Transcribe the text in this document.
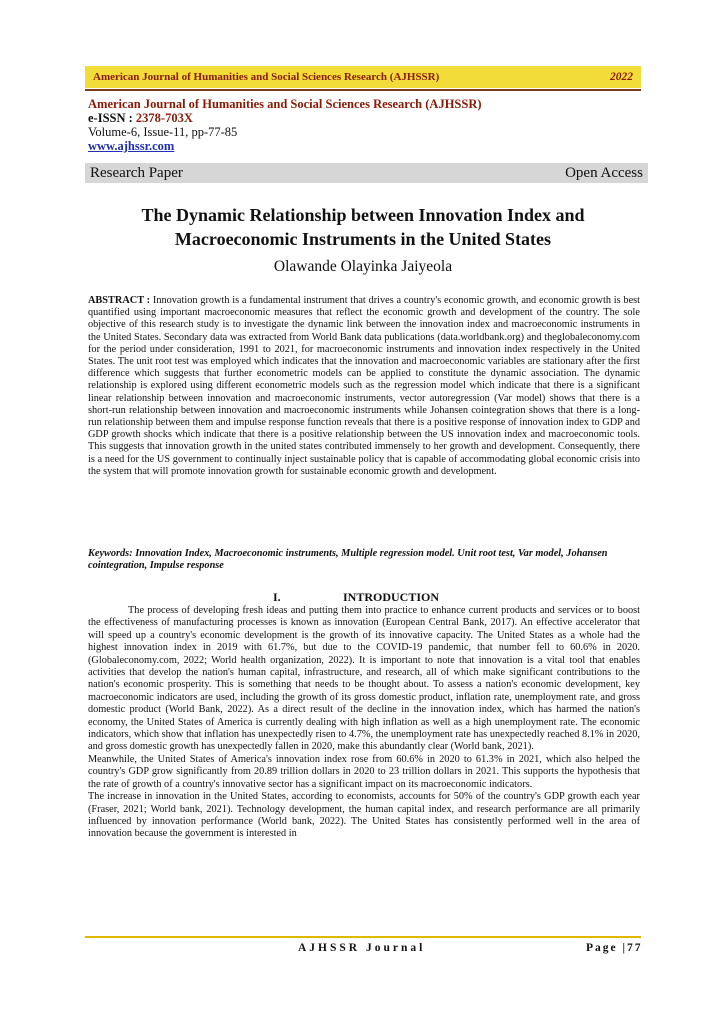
American Journal of Humanities and Social Sciences Research (AJHSSR)	2022
American Journal of Humanities and Social Sciences Research (AJHSSR)
e-ISSN : 2378-703X
Volume-6, Issue-11, pp-77-85
www.ajhssr.com
Research Paper	Open Access
The Dynamic Relationship between Innovation Index and
Macroeconomic Instruments in the United States
Olawande Olayinka Jaiyeola
ABSTRACT : Innovation growth is a fundamental instrument that drives a country's economic growth, and economic growth is best quantified using important macroeconomic measures that reflect the economic growth and development of the country. The sole objective of this research study is to investigate the dynamic link between the innovation index and macroeconomic instruments in the United States. Secondary data was extracted from World Bank data publications (data.worldbank.org) and theglobaleconomy.com for the period under consideration, 1991 to 2021, for macroeconomic instruments and innovation index respectively in the United States. The unit root test was employed which indicates that the innovation and macroeconomic variables are stationary after the first difference which suggests that further econometric models can be applied to constitute the dynamic association. The dynamic relationship is explored using different econometric models such as the regression model which indicate that there is a significant linear relationship between innovation and macroeconomic instruments, vector autoregression (Var model) shows that there is a short-run relationship between innovation and macroeconomic instruments while Johansen cointegration shows that there is a long-run relationship between them and impulse response function reveals that there is a positive response of innovation index to GDP and GDP growth shocks which indicate that there is a positive relationship between the US innovation index and macroeconomic tools. This suggests that innovation growth in the united states contributed immensely to her growth and development. Consequently, there is a need for the US government to continually inject sustainable policy that is capable of accommodating global economic crisis into the system that will promote innovation growth for sustainable economic growth and development.
Keywords: Innovation Index, Macroeconomic instruments, Multiple regression model. Unit root test, Var model, Johansen cointegration, Impulse response
I.	INTRODUCTION

The process of developing fresh ideas and putting them into practice to enhance current products and services or to boost the effectiveness of manufacturing processes is known as innovation (European Central Bank, 2017). An effective accelerator that will speed up a country's economic development is the growth of its innovative capacity. The United States as a whole had the highest innovation index in 2019 with 61.7%, but due to the COVID-19 pandemic, that number fell to 60.6% in 2020. (Globaleconomy.com, 2022; World health organization, 2022). It is important to note that innovation is a vital tool that enables activities that develop the nation's human capital, infrastructure, and research, all of which make significant contributions to the nation's economic prosperity. This is something that needs to be thought about. To assess a nation's economic development, key macroeconomic indicators are used, including the growth of its gross domestic product, inflation rate, unemployment rate, and gross domestic product (World Bank, 2022). As a direct result of the decline in the innovation index, which has harmed the nation's economy, the United States of America is currently dealing with high inflation as well as a high unemployment rate. The economic indicators, which show that inflation has unexpectedly risen to 4.7%, the unemployment rate has unexpectedly reached 8.1% in 2020, and gross domestic growth has unexpectedly fallen in 2020, make this abundantly clear (World bank, 2021).

Meanwhile, the United States of America's innovation index rose from 60.6% in 2020 to 61.3% in 2021, which also helped the country's GDP grow significantly from 20.89 trillion dollars in 2020 to 23 trillion dollars in 2021. This supports the hypothesis that the rate of growth of a country's innovative sector has a significant impact on its macroeconomic indicators.

The increase in innovation in the United States, according to economists, accounts for 50% of the country's GDP growth each year (Fraser, 2021; World bank, 2021). Technology development, the human capital index, and research performance are all primarily influenced by innovation performance (World bank, 2022). The United States has consistently performed well in the area of innovation because the government is interested in

AJHSSR Journal	Page |77
